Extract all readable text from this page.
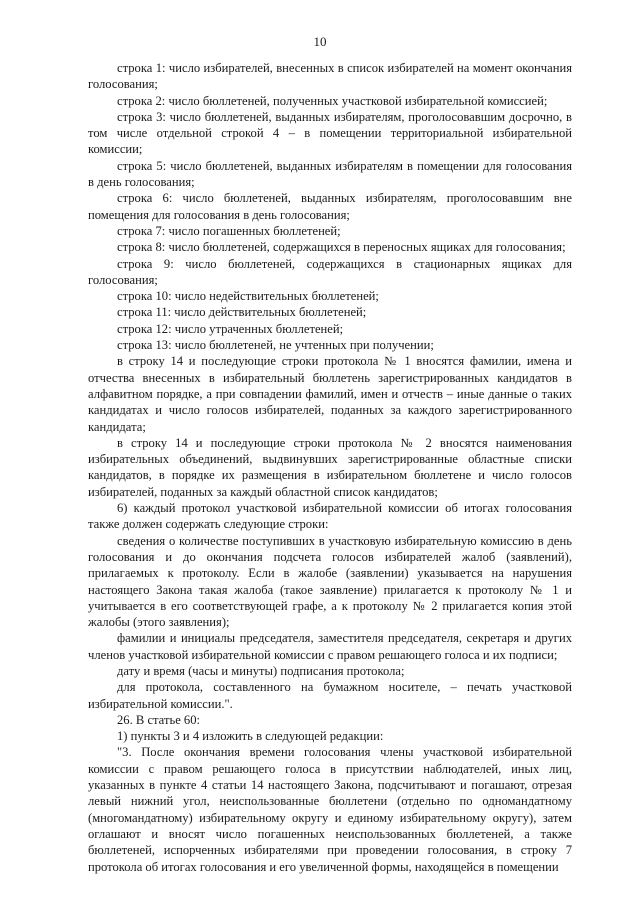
10

строка 1: число избирателей, внесенных в список избирателей на момент окончания голосования;

строка 2: число бюллетеней, полученных участковой избирательной комиссией;

строка 3: число бюллетеней, выданных избирателям, проголосовавшим досрочно, в том числе отдельной строкой 4 – в помещении территориальной избирательной комиссии;

строка 5: число бюллетеней, выданных избирателям в помещении для голосования в день голосования;

строка 6: число бюллетеней, выданных избирателям, проголосовавшим вне помещения для голосования в день голосования;

строка 7: число погашенных бюллетеней;

строка 8: число бюллетеней, содержащихся в переносных ящиках для голосования;

строка 9: число бюллетеней, содержащихся в стационарных ящиках для голосования;

строка 10: число недействительных бюллетеней;

строка 11: число действительных бюллетеней;

строка 12: число утраченных бюллетеней;

строка 13: число бюллетеней, не учтенных при получении;

в строку 14 и последующие строки протокола № 1 вносятся фамилии, имена и отчества внесенных в избирательный бюллетень зарегистрированных кандидатов в алфавитном порядке, а при совпадении фамилий, имен и отчеств – иные данные о таких кандидатах и число голосов избирателей, поданных за каждого зарегистрированного кандидата;

в строку 14 и последующие строки протокола № 2 вносятся наименования избирательных объединений, выдвинувших зарегистрированные областные списки кандидатов, в порядке их размещения в избирательном бюллетене и число голосов избирателей, поданных за каждый областной список кандидатов;

6) каждый протокол участковой избирательной комиссии об итогах голосования также должен содержать следующие строки:

сведения о количестве поступивших в участковую избирательную комиссию в день голосования и до окончания подсчета голосов избирателей жалоб (заявлений), прилагаемых к протоколу. Если в жалобе (заявлении) указывается на нарушения настоящего Закона такая жалоба (такое заявление) прилагается к протоколу № 1 и учитывается в его соответствующей графе, а к протоколу № 2 прилагается копия этой жалобы (этого заявления);

фамилии и инициалы председателя, заместителя председателя, секретаря и других членов участковой избирательной комиссии с правом решающего голоса и их подписи;

дату и время (часы и минуты) подписания протокола;

для протокола, составленного на бумажном носителе, – печать участковой избирательной комиссии.".

26. В статье 60:

1) пункты 3 и 4 изложить в следующей редакции:

"3. После окончания времени голосования члены участковой избирательной комиссии с правом решающего голоса в присутствии наблюдателей, иных лиц, указанных в пункте 4 статьи 14 настоящего Закона, подсчитывают и погашают, отрезая левый нижний угол, неиспользованные бюллетени (отдельно по одномандатному (многомандатному) избирательному округу и единому избирательному округу), затем оглашают и вносят число погашенных неиспользованных бюллетеней, а также бюллетеней, испорченных избирателями при проведении голосования, в строку 7 протокола об итогах голосования и его увеличенной формы, находящейся в помещении
